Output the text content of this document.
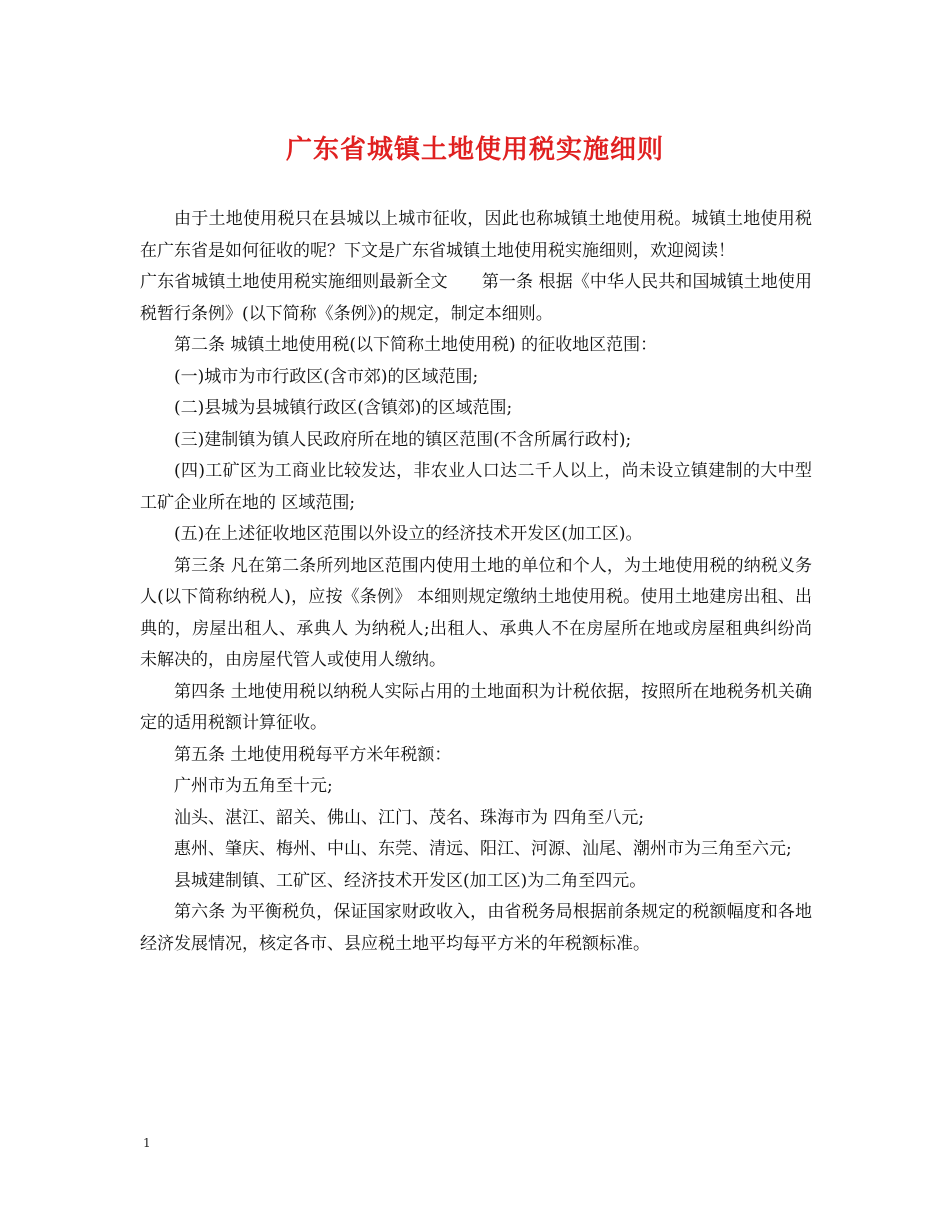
广东省城镇土地使用税实施细则

由于土地使用税只在县城以上城市征收，因此也称城镇土地使用税。城镇土地使用税在广东省是如何征收的呢？下文是广东省城镇土地使用税实施细则，欢迎阅读！

广东省城镇土地使用税实施细则最新全文　　第一条 根据《中华人民共和国城镇土地使用税暂行条例》(以下简称《条例》)的规定，制定本细则。

第二条 城镇土地使用税(以下简称土地使用税) 的征收地区范围：

(一)城市为市行政区(含市郊)的区域范围;

(二)县城为县城镇行政区(含镇郊)的区域范围;

(三)建制镇为镇人民政府所在地的镇区范围(不含所属行政村);

(四)工矿区为工商业比较发达，非农业人口达二千人以上，尚未设立镇建制的大中型工矿企业所在地的 区域范围;

(五)在上述征收地区范围以外设立的经济技术开发区(加工区)。

第三条 凡在第二条所列地区范围内使用土地的单位和个人，为土地使用税的纳税义务人(以下简称纳税人)，应按《条例》 本细则规定缴纳土地使用税。使用土地建房出租、出典的，房屋出租人、承典人 为纳税人;出租人、承典人不在房屋所在地或房屋租典纠纷尚未解决的，由房屋代管人或使用人缴纳。

第四条 土地使用税以纳税人实际占用的土地面积为计税依据，按照所在地税务机关确定的适用税额计算征收。

第五条 土地使用税每平方米年税额：

广州市为五角至十元;

汕头、湛江、韶关、佛山、江门、茂名、珠海市为 四角至八元;

惠州、肇庆、梅州、中山、东莞、清远、阳江、河源、汕尾、潮州市为三角至六元;

县城建制镇、工矿区、经济技术开发区(加工区)为二角至四元。

第六条 为平衡税负，保证国家财政收入，由省税务局根据前条规定的税额幅度和各地经济发展情况，核定各市、县应税土地平均每平方米的年税额标准。

1
